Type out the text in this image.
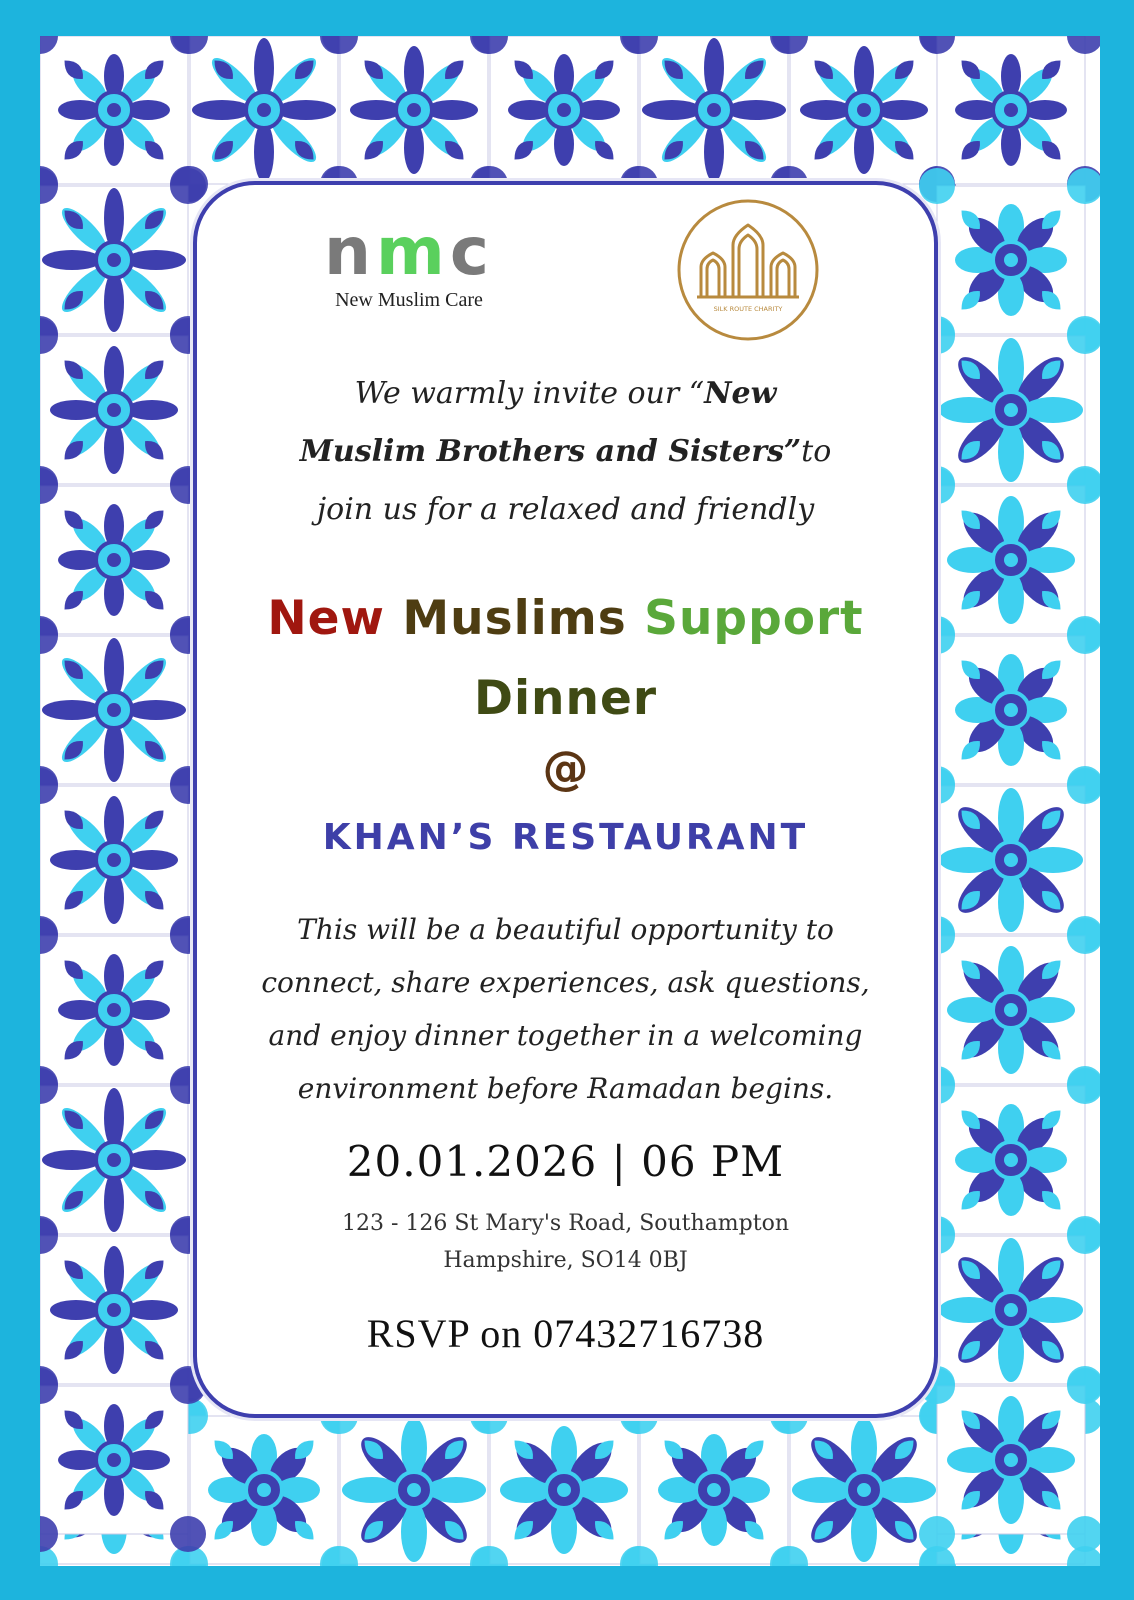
nmc
New Muslim Care	SILK ROUTE CHARITY
We warmly invite our “New
Muslim Brothers and Sisters”to
join us for a relaxed and friendly
New Muslims Support
Dinner
@
KHAN’S RESTAURANT
This will be a beautiful opportunity to
connect, share experiences, ask questions,
and enjoy dinner together in a welcoming
environment before Ramadan begins.
20.01.2026 | 06 PM
123 - 126 St Mary's Road, Southampton
Hampshire, SO14 0BJ
RSVP on 07432716738
